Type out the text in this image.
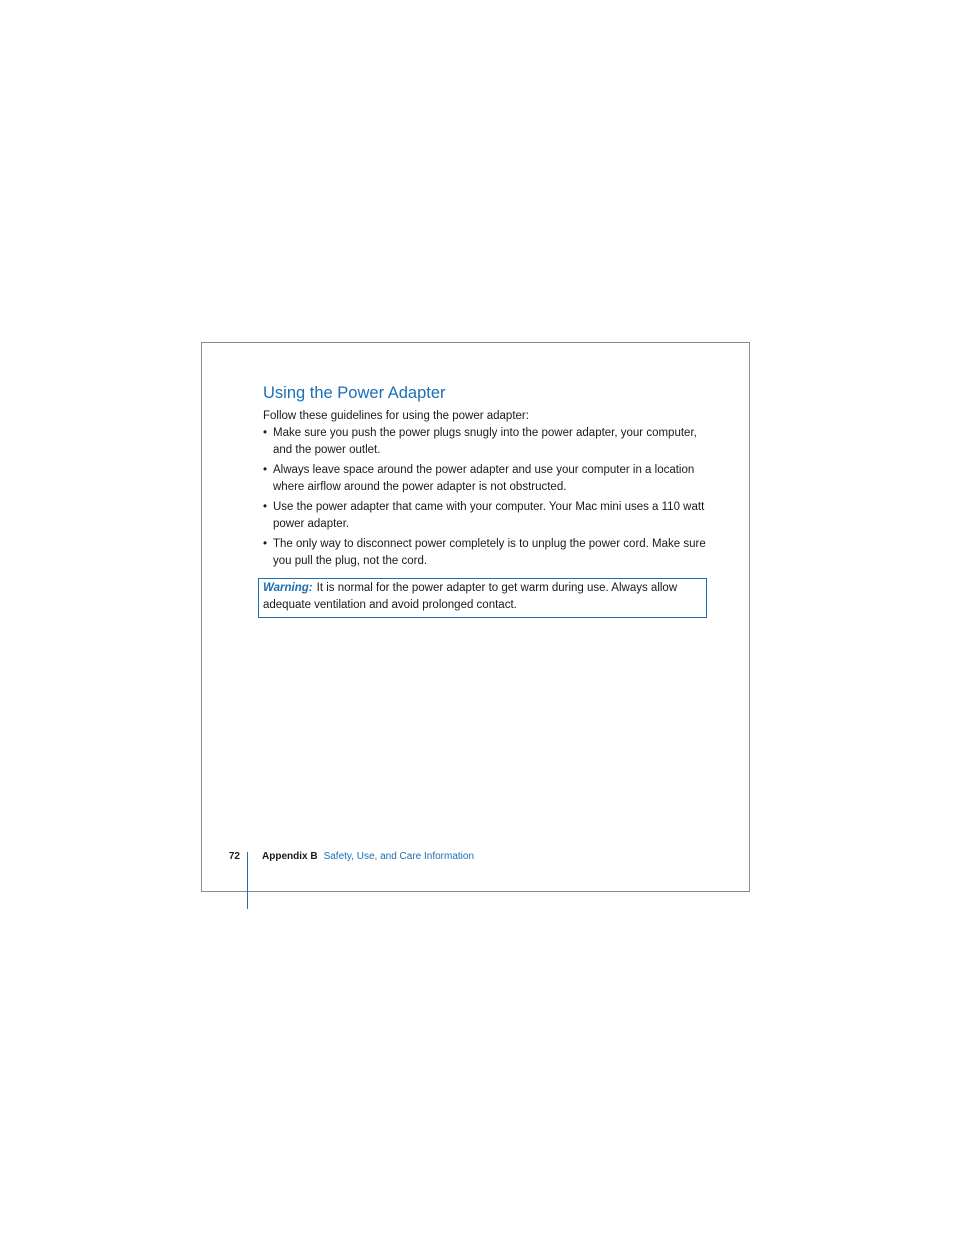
Using the Power Adapter

Follow these guidelines for using the power adapter:

• Make sure you push the power plugs snugly into the power adapter, your computer, and the power outlet.
• Always leave space around the power adapter and use your computer in a location where airflow around the power adapter is not obstructed.
• Use the power adapter that came with your computer. Your Mac mini uses a 110 watt power adapter.
• The only way to disconnect power completely is to unplug the power cord. Make sure you pull the plug, not the cord.
Warning: It is normal for the power adapter to get warm during use. Always allow adequate ventilation and avoid prolonged contact.
72 Appendix B Safety, Use, and Care Information
